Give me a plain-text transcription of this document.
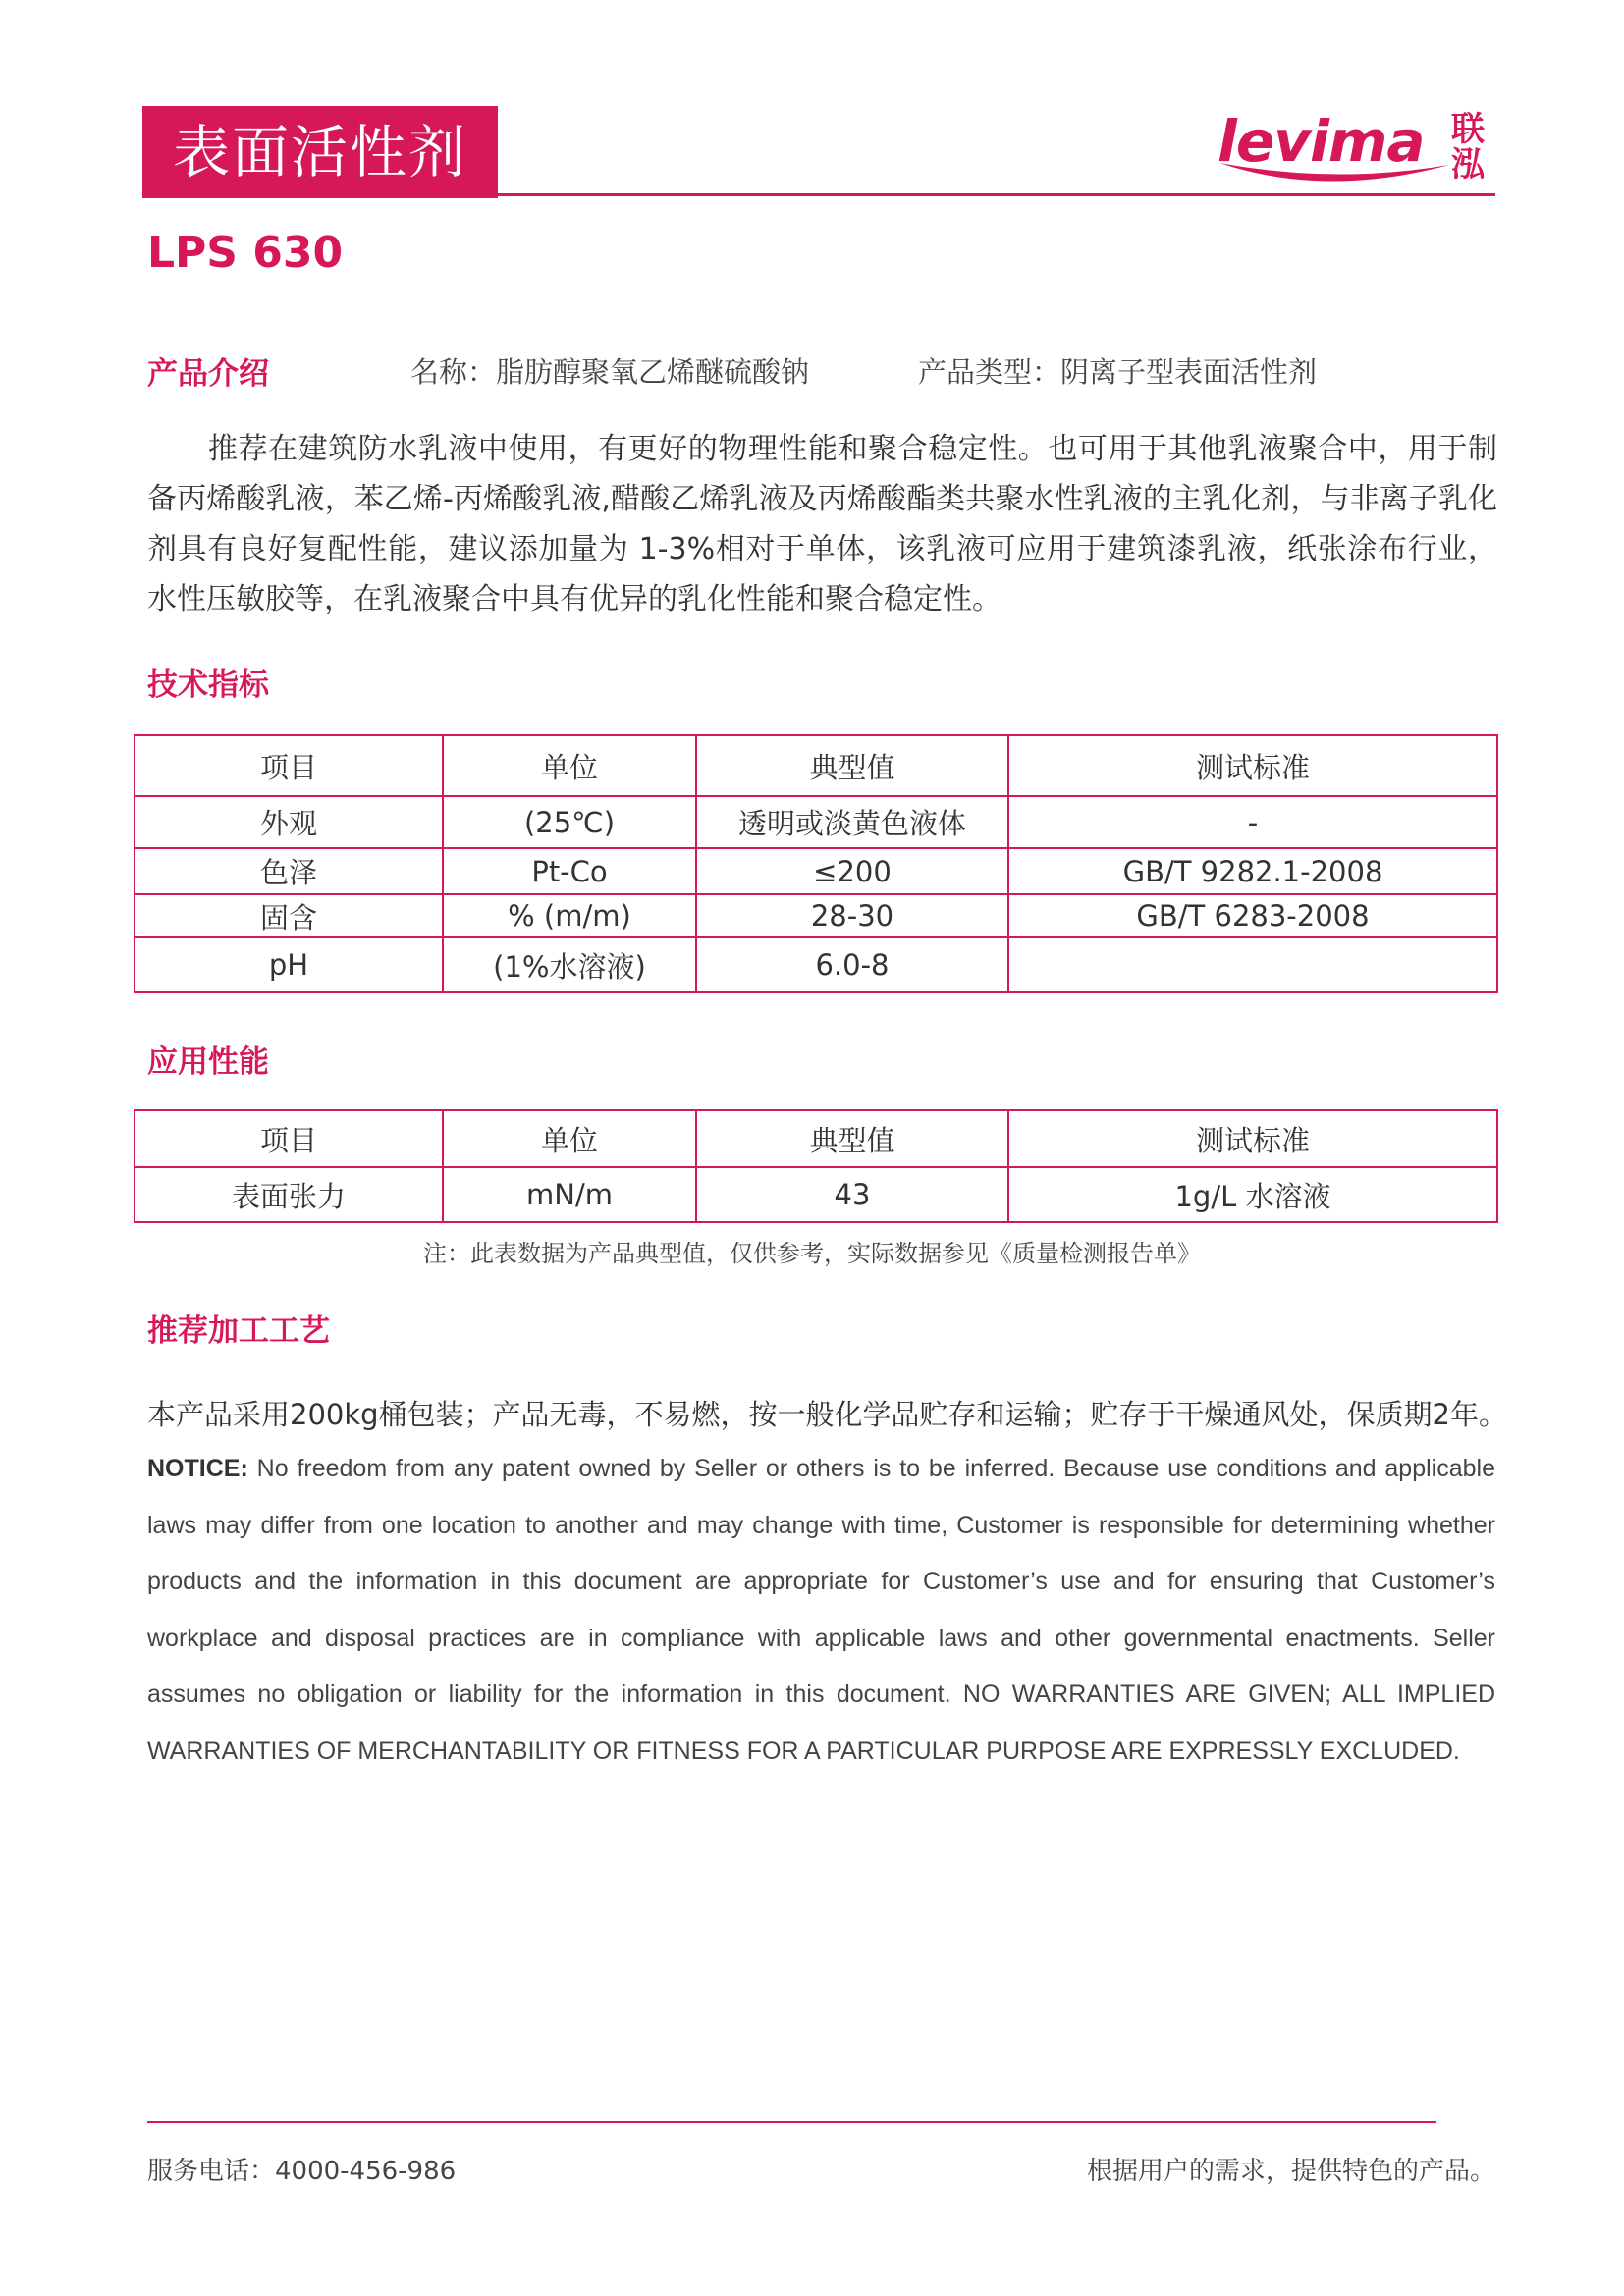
表面活性剂	levima 联泓
LPS 630
产品介绍	名称：脂肪醇聚氧乙烯醚硫酸钠	产品类型：阴离子型表面活性剂
推荐在建筑防水乳液中使用，有更好的物理性能和聚合稳定性。也可用于其他乳液聚合中，用于制备丙烯酸乳液，苯乙烯-丙烯酸乳液,醋酸乙烯乳液及丙烯酸酯类共聚水性乳液的主乳化剂，与非离子乳化剂具有良好复配性能，建议添加量为 1-3%相对于单体，该乳液可应用于建筑漆乳液，纸张涂布行业，水性压敏胶等，在乳液聚合中具有优异的乳化性能和聚合稳定性。
技术指标
项目	单位	典型值	测试标准
外观	(25℃)	透明或淡黄色液体	-
色泽	Pt-Co	≤200	GB/T 9282.1-2008
固含	% (m/m)	28-30	GB/T 6283-2008
pH	(1%水溶液)	6.0-8	
应用性能
项目	单位	典型值	测试标准
表面张力	mN/m	43	1g/L 水溶液
注：此表数据为产品典型值，仅供参考，实际数据参见《质量检测报告单》
推荐加工工艺
本产品采用200kg桶包装；产品无毒，不易燃，按一般化学品贮存和运输；贮存于干燥通风处，保质期2年。
NOTICE: No freedom from any patent owned by Seller or others is to be inferred. Because use conditions and applicable laws may differ from one location to another and may change with time, Customer is responsible for determining whether products and the information in this document are appropriate for Customer’s use and for ensuring that Customer’s workplace and disposal practices are in compliance with applicable laws and other governmental enactments. Seller assumes no obligation or liability for the information in this document. NO WARRANTIES ARE GIVEN; ALL IMPLIED WARRANTIES OF MERCHANTABILITY OR FITNESS FOR A PARTICULAR PURPOSE ARE EXPRESSLY EXCLUDED.
服务电话：4000-456-986	根据用户的需求，提供特色的产品。
